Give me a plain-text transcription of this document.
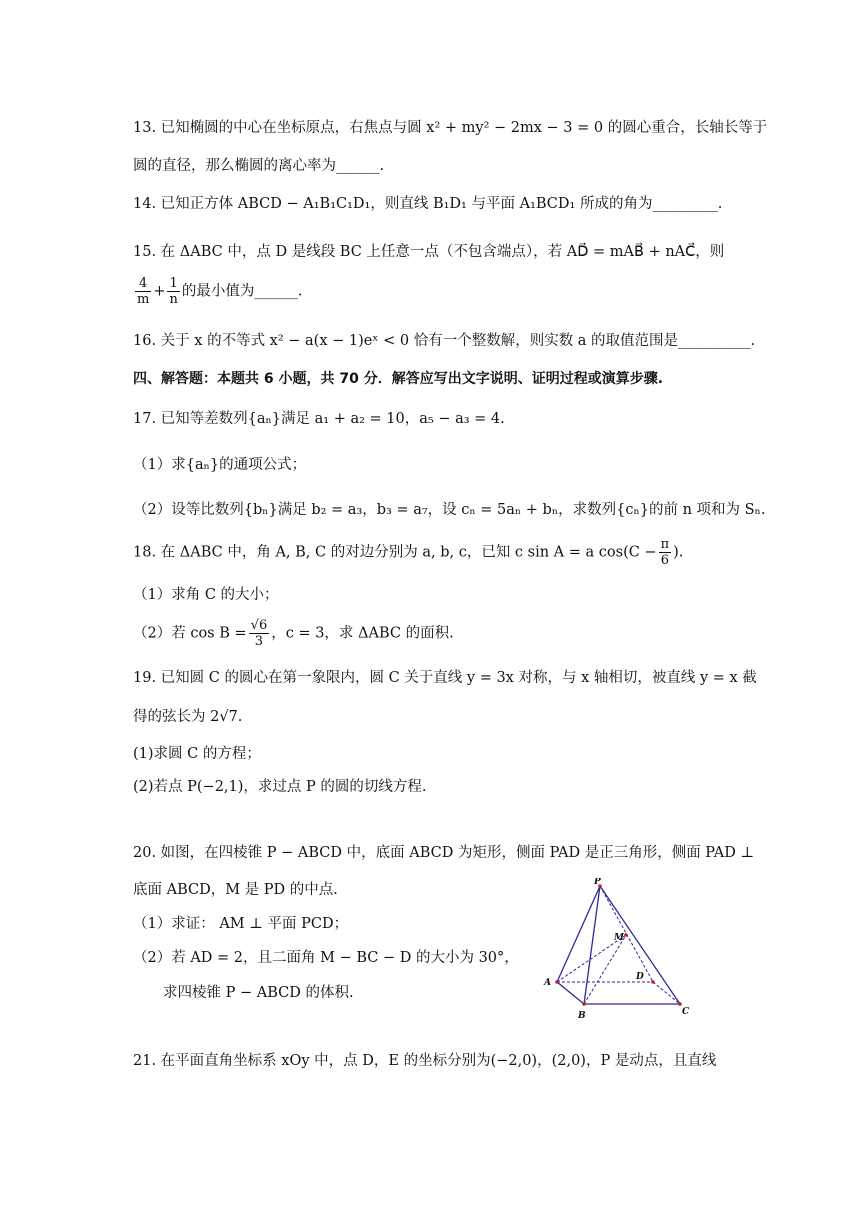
13. 已知椭圆的中心在坐标原点，右焦点与圆 x² + my² − 2mx − 3 = 0 的圆心重合，长轴长等于
圆的直径，那么椭圆的离心率为______.
14. 已知正方体 ABCD − A₁B₁C₁D₁，则直线 B₁D₁ 与平面 A₁BCD₁ 所成的角为_________.
15. 在 ΔABC 中，点 D 是线段 BC 上任意一点（不包含端点），若 AD⃗ = mAB⃗ + nAC⃗，则
$\frac{4}{m} + \frac{1}{n}$ 的最小值为______.
16. 关于 x 的不等式 x² − a(x − 1)eˣ < 0 恰有一个整数解，则实数 a 的取值范围是__________.
四、解答题：本题共 6 小题，共 70 分．解答应写出文字说明、证明过程或演算步骤.
17. 已知等差数列{aₙ}满足 a₁ + a₂ = 10，a₅ − a₃ = 4.
（1）求{aₙ}的通项公式；
（2）设等比数列{bₙ}满足 b₂ = a₃，b₃ = a₇，设 cₙ = 5aₙ + bₙ，求数列{cₙ}的前 n 项和为 Sₙ.
18. 在 ΔABC 中，角 A, B, C 的对边分别为 a, b, c，已知 c sin A = a $\cos(C - \frac{\pi}{6}$ ).
（1）求角 C 的大小；
（2）若 $\cos B = \frac{√6}{3}$ ，c = 3，求 ΔABC 的面积.
19. 已知圆 C 的圆心在第一象限内，圆 C 关于直线 y = 3x 对称，与 x 轴相切，被直线 y = x 截
得的弦长为 2√7.
(1)求圆 C 的方程；
(2)若点 P(−2,1)，求过点 P 的圆的切线方程.
20. 如图，在四棱锥 P − ABCD 中，底面 ABCD 为矩形，侧面 PAD 是正三角形，侧面 PAD ⊥
底面 ABCD，M 是 PD 的中点.
（1）求证： AM ⊥ 平面 PCD；
（2）若 AD = 2，且二面角 M − BC − D 的大小为 30°，
求四棱锥 P − ABCD 的体积.
P
M
D
A
B	C
21. 在平面直角坐标系 xOy 中，点 D，E 的坐标分别为(−2,0)，(2,0)，P 是动点，且直线
